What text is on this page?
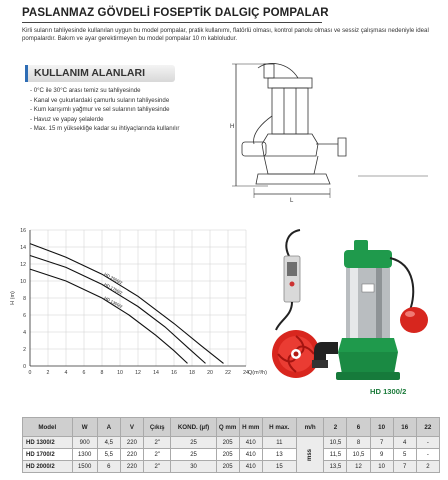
PASLANMAZ GÖVDELİ FOSEPTİK DALGIÇ POMPALAR
Kirli suların tahliyesinde kullanılan uygun bu model pompalar, pratik kullanımı, flatörlü olması, kontrol panolu olması ve sessiz çalışması nedeniyle ideal pompalardır. Bakım ve ayar gerektirmeyen bu model pompalar 10 m kabloludur.
KULLANIM ALANLARI
- 0°C ile 30°C arası temiz su tahliyesinde
- Kanal ve çukurlardaki çamurlu suların tahliyesinde
- Kum karışımlı yağmur ve sel sularının tahliyesinde
- Havuz ve yapay şelalerde
- Max. 15 m yüksekliğe kadar su ihtiyaçlarında kullanılır	H
L
0	2	4	6	8	10 12 14 16 18 20 22 24
0
2
4
6
8
10
12
14
16
HD 2000/2
HD 1700/2
HD 1300/2
Q(m³/h)
H (m)
HD 1300/2
Model	W	A	V	Çıkış	KOND. (µf)	Q mm	H mm	H max.	m/h	2	6	10	16	22
HD 1300/2	900	4,5	220	2"	25	205	410	11	mss	10,5	8	7	4	-
HD 1700/2	1300	5,5	220	2"	25	205	410	13		11,5	10,5	9	5	-
HD 2000/2	1500	6	220	2"	30	205	410	15		13,5	12	10	7	2
